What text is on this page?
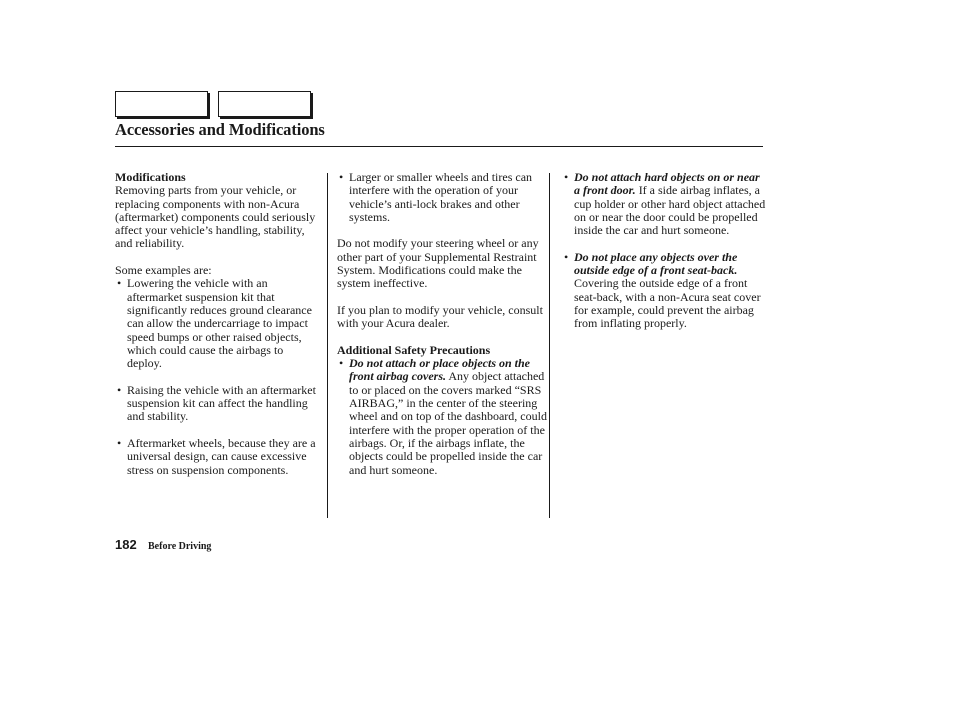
Accessories and Modifications
Modifications

Removing parts from your vehicle, or replacing components with non-Acura (aftermarket) components could seriously affect your vehicle’s handling, stability, and reliability.

Some examples are:
• Lowering the vehicle with an aftermarket suspension kit that significantly reduces ground clearance can allow the undercarriage to impact speed bumps or other raised objects, which could cause the airbags to deploy.
• Raising the vehicle with an aftermarket suspension kit can affect the handling and stability.
• Aftermarket wheels, because they are a universal design, can cause excessive stress on suspension components.
• Larger or smaller wheels and tires can interfere with the operation of your vehicle’s anti-lock brakes and other systems.

Do not modify your steering wheel or any other part of your Supplemental Restraint System. Modifications could make the system ineffective.

If you plan to modify your vehicle, consult with your Acura dealer.

Additional Safety Precautions
• Do not attach or place objects on the front airbag covers. Any object attached to or placed on the covers marked “SRS AIRBAG,” in the center of the steering wheel and on top of the dashboard, could interfere with the proper operation of the airbags. Or, if the airbags inflate, the objects could be propelled inside the car and hurt someone.
• Do not attach hard objects on or near a front door. If a side airbag inflates, a cup holder or other hard object attached on or near the door could be propelled inside the car and hurt someone.
• Do not place any objects over the outside edge of a front seat-back. Covering the outside edge of a front seat-back, with a non-Acura seat cover for example, could prevent the airbag from inflating properly.
182 Before Driving
